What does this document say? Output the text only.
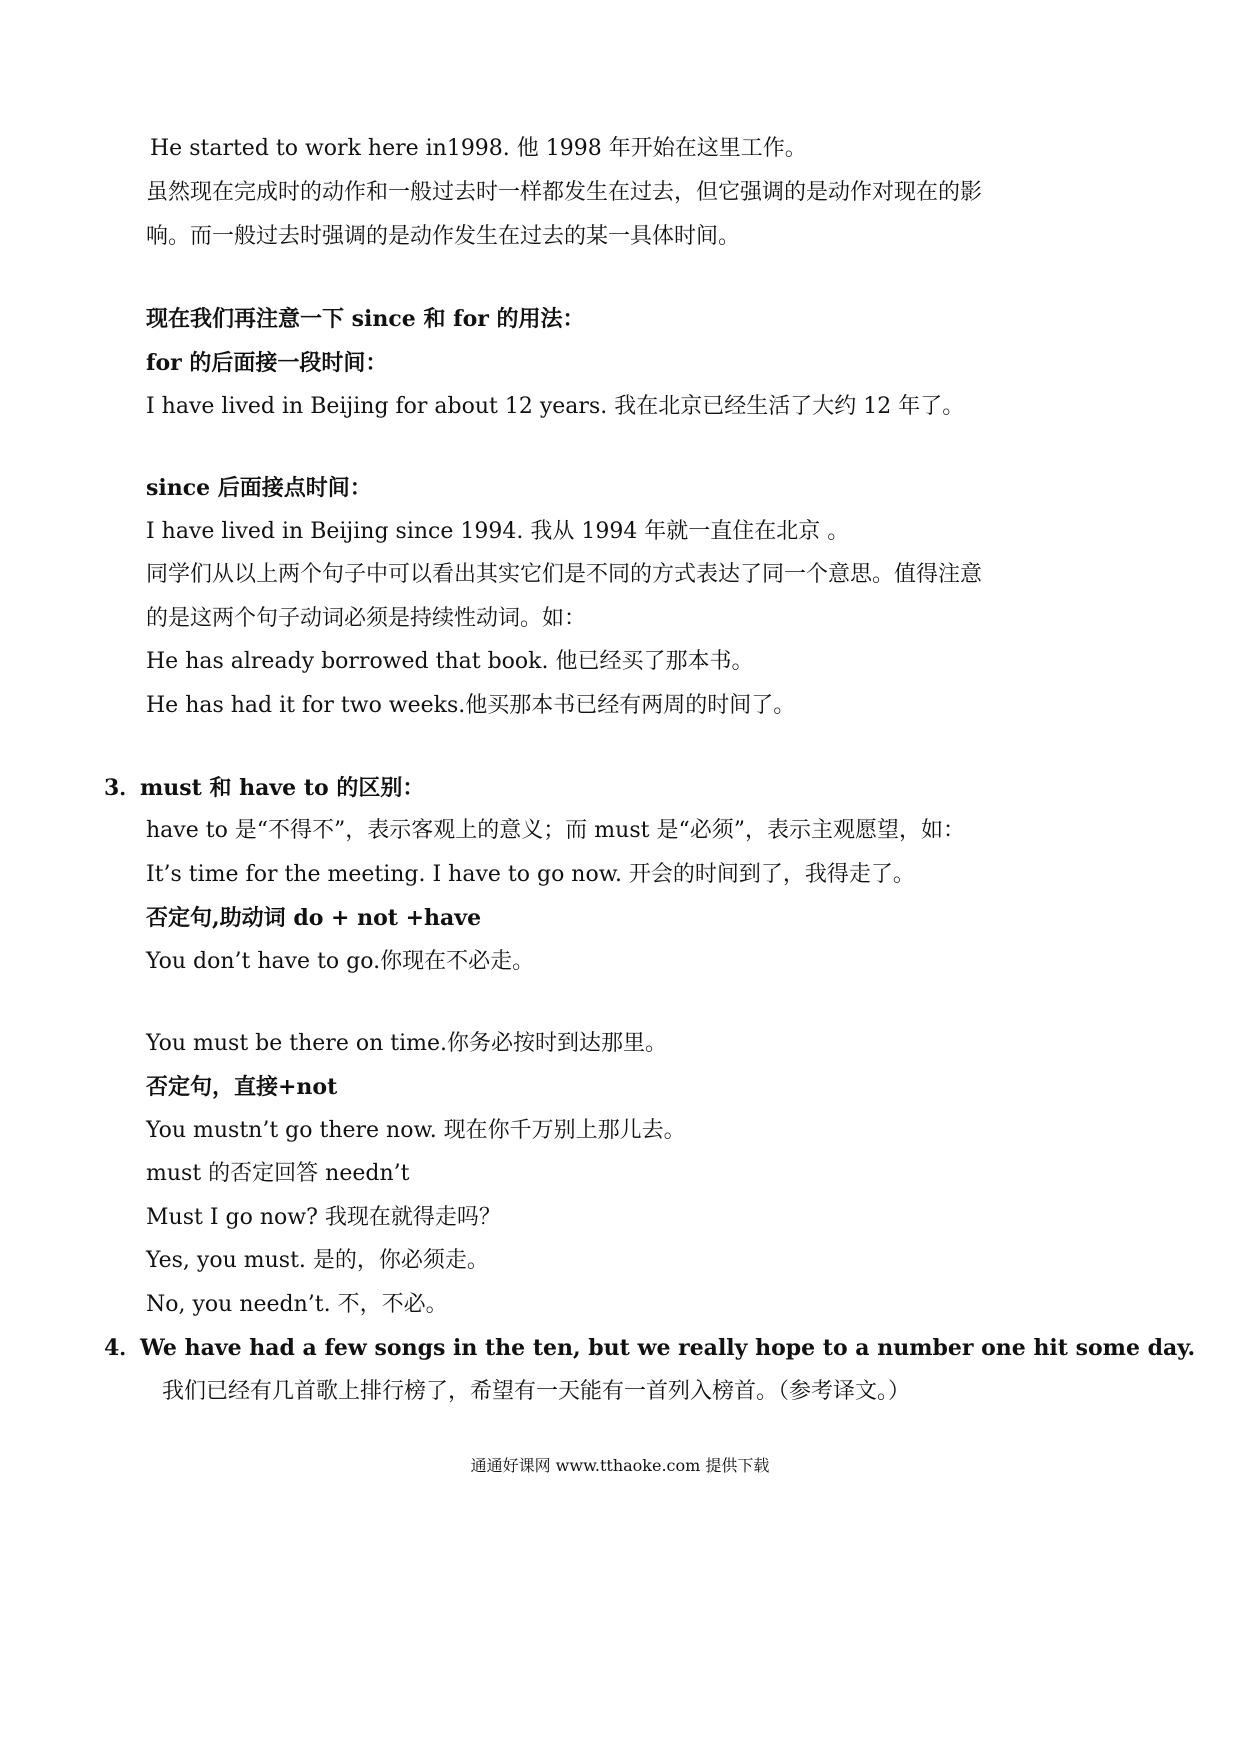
He started to work here in1998. 他 1998 年开始在这里工作。
虽然现在完成时的动作和一般过去时一样都发生在过去，但它强调的是动作对现在的影
响。而一般过去时强调的是动作发生在过去的某一具体时间。
现在我们再注意一下 since 和 for 的用法：
for 的后面接一段时间：
I have lived in Beijing for about 12 years. 我在北京已经生活了大约 12 年了。
since 后面接点时间：
I have lived in Beijing since 1994. 我从 1994 年就一直住在北京 。
同学们从以上两个句子中可以看出其实它们是不同的方式表达了同一个意思。值得注意
的是这两个句子动词必须是持续性动词。如：
He has already borrowed that book. 他已经买了那本书。
He has had it for two weeks.他买那本书已经有两周的时间了。
3．
must 和 have to 的区别：
have to 是“不得不”，表示客观上的意义；而 must 是“必须”，表示主观愿望，如：
It’s time for the meeting. I have to go now. 开会的时间到了，我得走了。
否定句,助动词 do + not +have
You don’t have to go.你现在不必走。
You must be there on time.你务必按时到达那里。
否定句，直接+not
You mustn’t go there now. 现在你千万别上那儿去。
must 的否定回答 needn’t
Must I go now? 我现在就得走吗？
Yes, you must. 是的，你必须走。
No, you needn’t. 不，不必。
4．
We have had a few songs in the ten, but we really hope to a number one hit some day.
我们已经有几首歌上排行榜了，希望有一天能有一首列入榜首。（参考译文。）
通通好课网 www.tthaoke.com 提供下载
